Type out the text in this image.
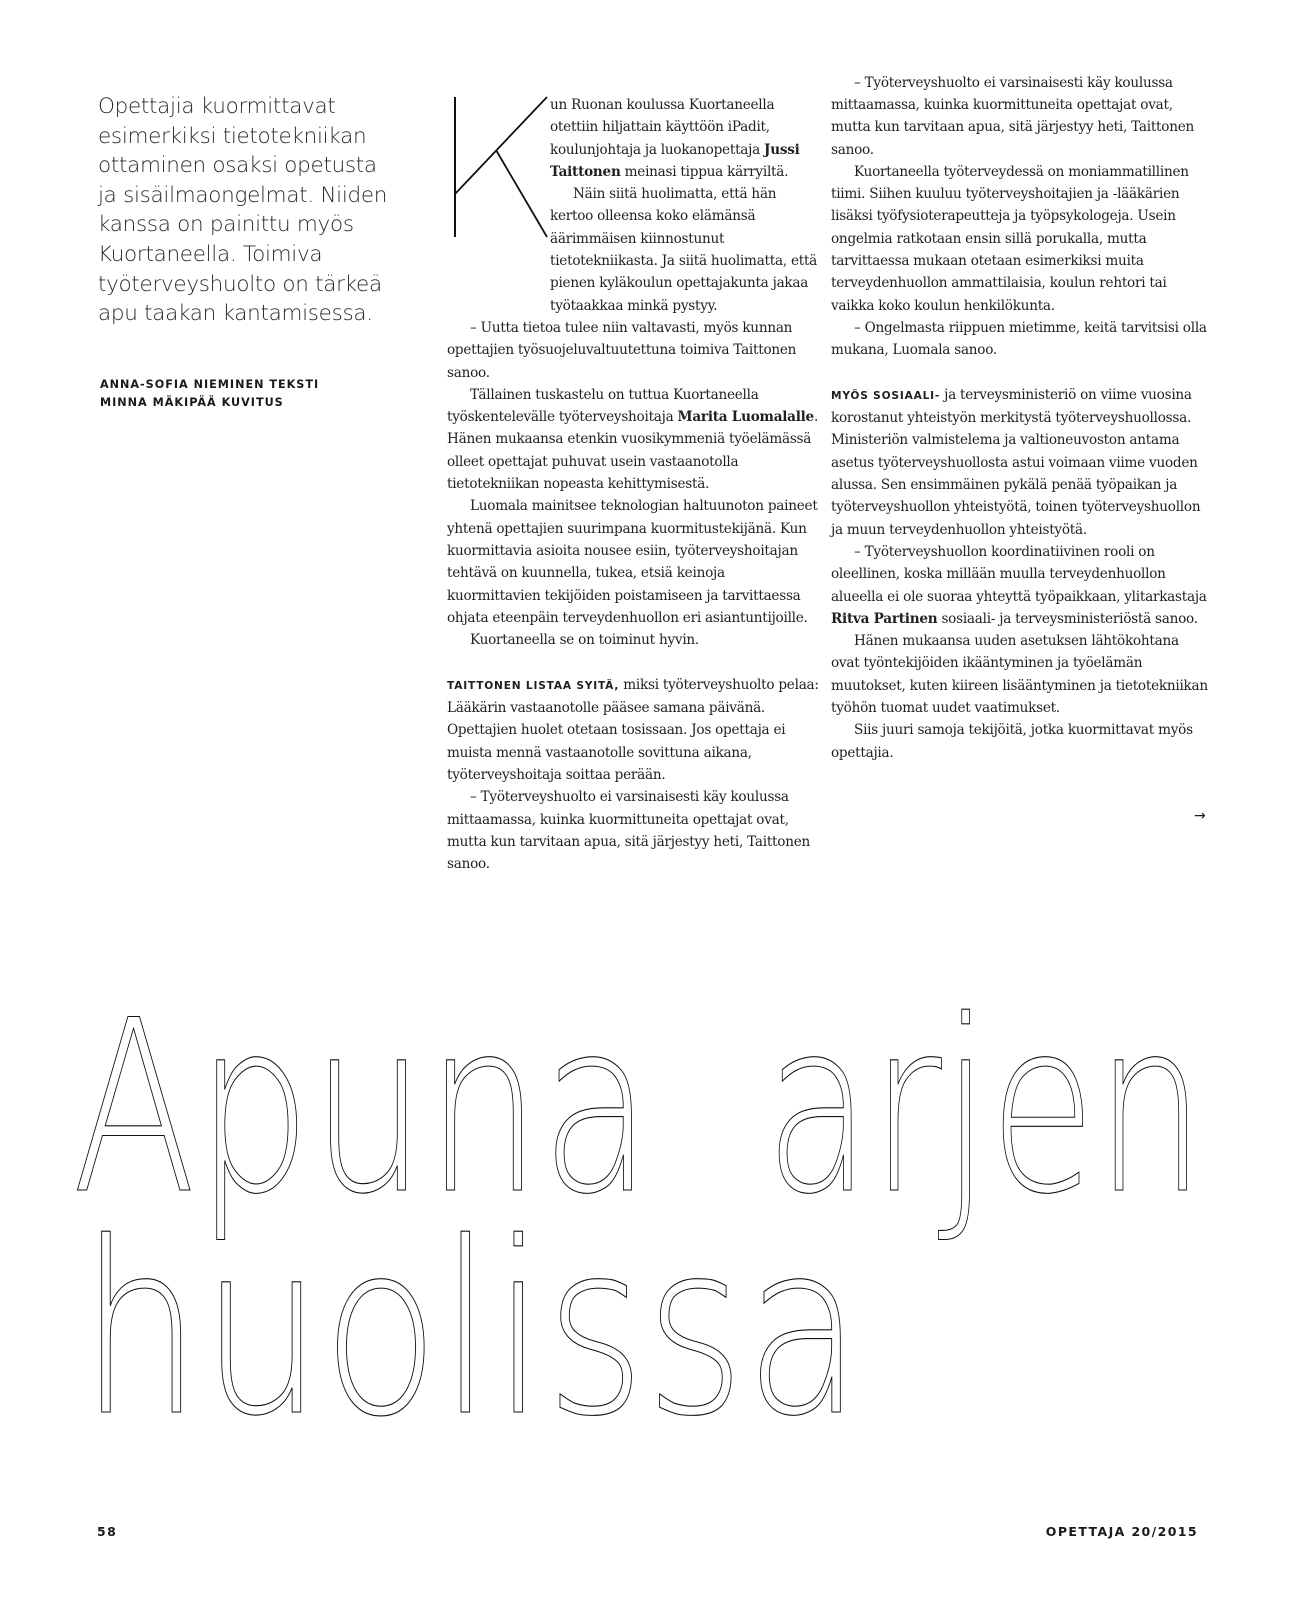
Opettajia kuormittavat esimerkiksi tietotekniikan ottaminen osaksi opetusta ja sisäilmaongelmat. Niiden kanssa on painittu myös Kuortaneella. Toimiva työterveyshuolto on tärkeä apu taakan kantamisessa.
ANNA-SOFIA NIEMINEN TEKSTI
MINNA MÄKIPÄÄ KUVITUS

un Ruonan koulussa Kuortaneella otettiin hiljattain käyttöön iPadit, koulunjohtaja ja luokanopettaja Jussi Taittonen meinasi tippua kärryiltä.

Näin siitä huolimatta, että hän kertoo olleensa koko elämänsä äärimmäisen kiinnostunut tietotekniikasta. Ja siitä huolimatta, että pienen kyläkoulun opettajakunta jakaa työtaakkaa minkä pystyy.

– Uutta tietoa tulee niin valtavasti, myös kunnan opettajien työsuojeluvaltuutettuna toimiva Taittonen sanoo.

Tällainen tuskastelu on tuttua Kuortaneella työskentelevälle työterveyshoitaja Marita Luomalalle. Hänen mukaansa etenkin vuosikymmeniä työelämässä olleet opettajat puhuvat usein vastaanotolla tietotekniikan nopeasta kehittymisestä.

Luomala mainitsee teknologian haltuunoton paineet yhtenä opettajien suurimpana kuormitustekijänä. Kun kuormittavia asioita nousee esiin, työterveyshoitajan tehtävä on kuunnella, tukea, etsiä keinoja kuormittavien tekijöiden poistamiseen ja tarvittaessa ohjata eteenpäin terveydenhuollon eri asiantuntijoille.

Kuortaneella se on toiminut hyvin.

TAITTONEN LISTAA SYITÄ, miksi työterveyshuolto pelaa: Lääkärin vastaanotolle pääsee samana päivänä. Opettajien huolet otetaan tosissaan. Jos opettaja ei muista mennä vastaanotolle sovittuna aikana, työterveyshoitaja soittaa perään.

– Työterveyshuolto ei varsinaisesti käy koulussa mittaamassa, kuinka kuormittuneita opettajat ovat, mutta kun tarvitaan apua, sitä järjestyy heti, Taittonen sanoo.

– Työterveyshuolto ei varsinaisesti käy koulussa mittaamassa, kuinka kuormittuneita opettajat ovat, mutta kun tarvitaan apua, sitä järjestyy heti, Taittonen sanoo.

Kuortaneella työterveydessä on moniammatillinen tiimi. Siihen kuuluu työterveyshoitajien ja -lääkärien lisäksi työfysioterapeutteja ja työpsykologeja. Usein ongelmia ratkotaan ensin sillä porukalla, mutta tarvittaessa mukaan otetaan esimerkiksi muita terveydenhuollon ammattilaisia, koulun rehtori tai vaikka koko koulun henkilökunta.

– Ongelmasta riippuen mietimme, keitä tarvitsisi olla mukana, Luomala sanoo.

MYÖS SOSIAALI- ja terveysministeriö on viime vuosina korostanut yhteistyön merkitystä työterveyshuollossa. Ministeriön valmistelema ja valtioneuvoston antama asetus työterveyshuollosta astui voimaan viime vuoden alussa. Sen ensimmäinen pykälä penää työpaikan ja työterveyshuollon yhteistyötä, toinen työterveyshuollon ja muun terveydenhuollon yhteistyötä.

– Työterveyshuollon koordinatiivinen rooli on oleellinen, koska millään muulla terveydenhuollon alueella ei ole suoraa yhteyttä työpaikkaan, ylitarkastaja Ritva Partinen sosiaali- ja terveysministeriöstä sanoo.

Hänen mukaansa uuden asetuksen lähtökohtana ovat työntekijöiden ikääntyminen ja työelämän muutokset, kuten kiireen lisääntyminen ja tietotekniikan työhön tuomat uudet vaatimukset.

Siis juuri samoja tekijöitä, jotka kuormittavat myös opettajia.

→
Apuna arjen
huolissa
58	OPETTAJA 20/2015
